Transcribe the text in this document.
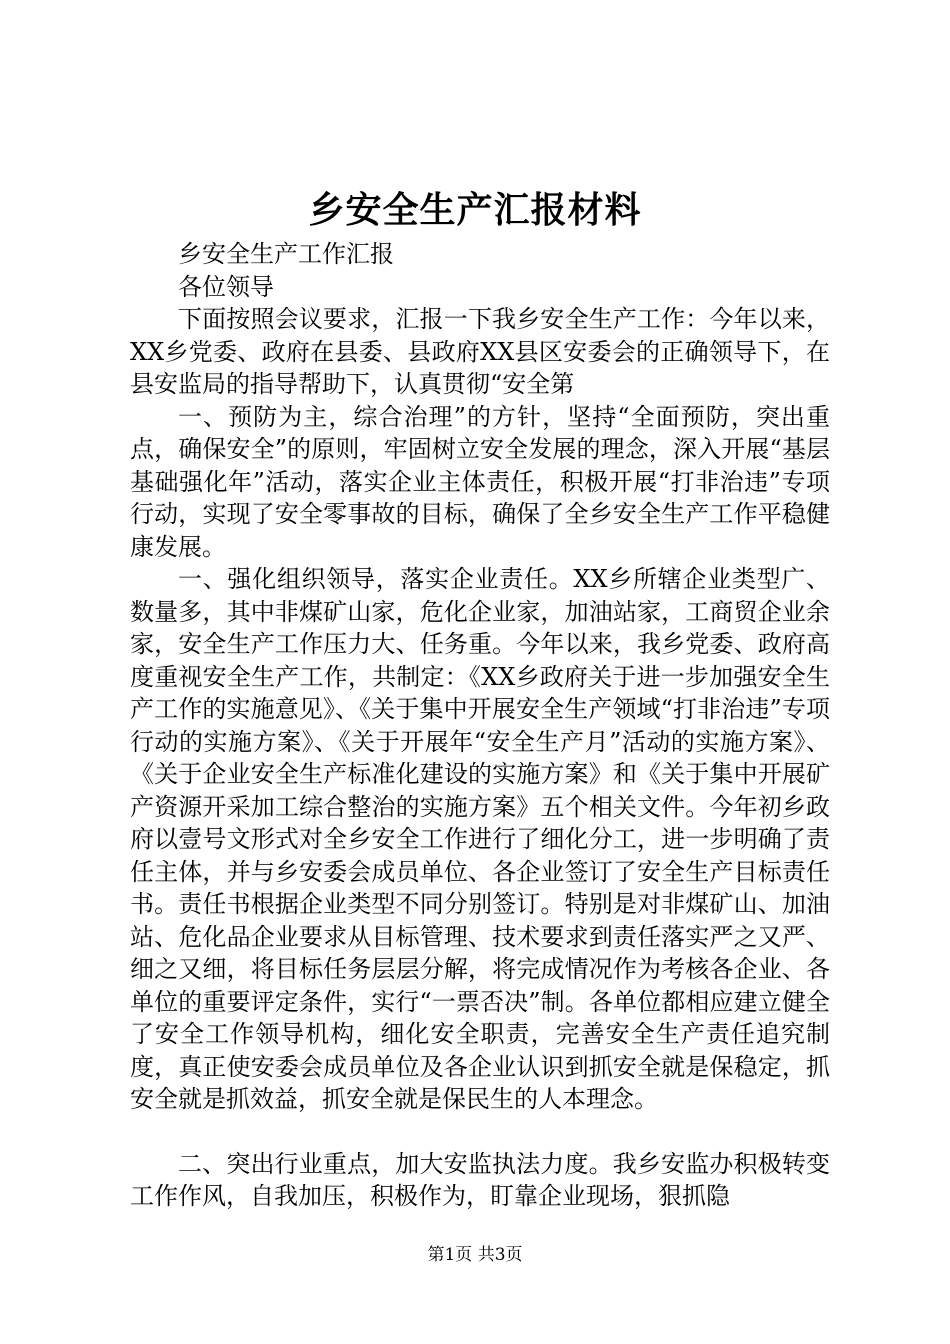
乡安全生产汇报材料

乡安全生产工作汇报

各位领导

下面按照会议要求，汇报一下我乡安全生产工作：今年以来，XX乡党委、政府在县委、县政府XX县区安委会的正确领导下，在县安监局的指导帮助下，认真贯彻“安全第

一、预防为主，综合治理”的方针，坚持“全面预防，突出重点，确保安全”的原则，牢固树立安全发展的理念，深入开展“基层基础强化年”活动，落实企业主体责任，积极开展“打非治违”专项行动，实现了安全零事故的目标，确保了全乡安全生产工作平稳健康发展。

一、强化组织领导，落实企业责任。XX乡所辖企业类型广、数量多，其中非煤矿山家，危化企业家，加油站家，工商贸企业余家，安全生产工作压力大、任务重。今年以来，我乡党委、政府高度重视安全生产工作，共制定：《XX乡政府关于进一步加强安全生产工作的实施意见》、《关于集中开展安全生产领域“打非治违”专项行动的实施方案》、《关于开展年“安全生产月”活动的实施方案》、《关于企业安全生产标准化建设的实施方案》和《关于集中开展矿产资源开采加工综合整治的实施方案》五个相关文件。今年初乡政府以壹号文形式对全乡安全工作进行了细化分工，进一步明确了责任主体，并与乡安委会成员单位、各企业签订了安全生产目标责任书。责任书根据企业类型不同分别签订。特别是对非煤矿山、加油站、危化品企业要求从目标管理、技术要求到责任落实严之又严、细之又细，将目标任务层层分解，将完成情况作为考核各企业、各单位的重要评定条件，实行“一票否决”制。各单位都相应建立健全了安全工作领导机构，细化安全职责，完善安全生产责任追究制度，真正使安委会成员单位及各企业认识到抓安全就是保稳定，抓安全就是抓效益，抓安全就是保民生的人本理念。

二、突出行业重点，加大安监执法力度。我乡安监办积极转变工作作风，自我加压，积极作为，盯靠企业现场，狠抓隐

第1页 共3页
